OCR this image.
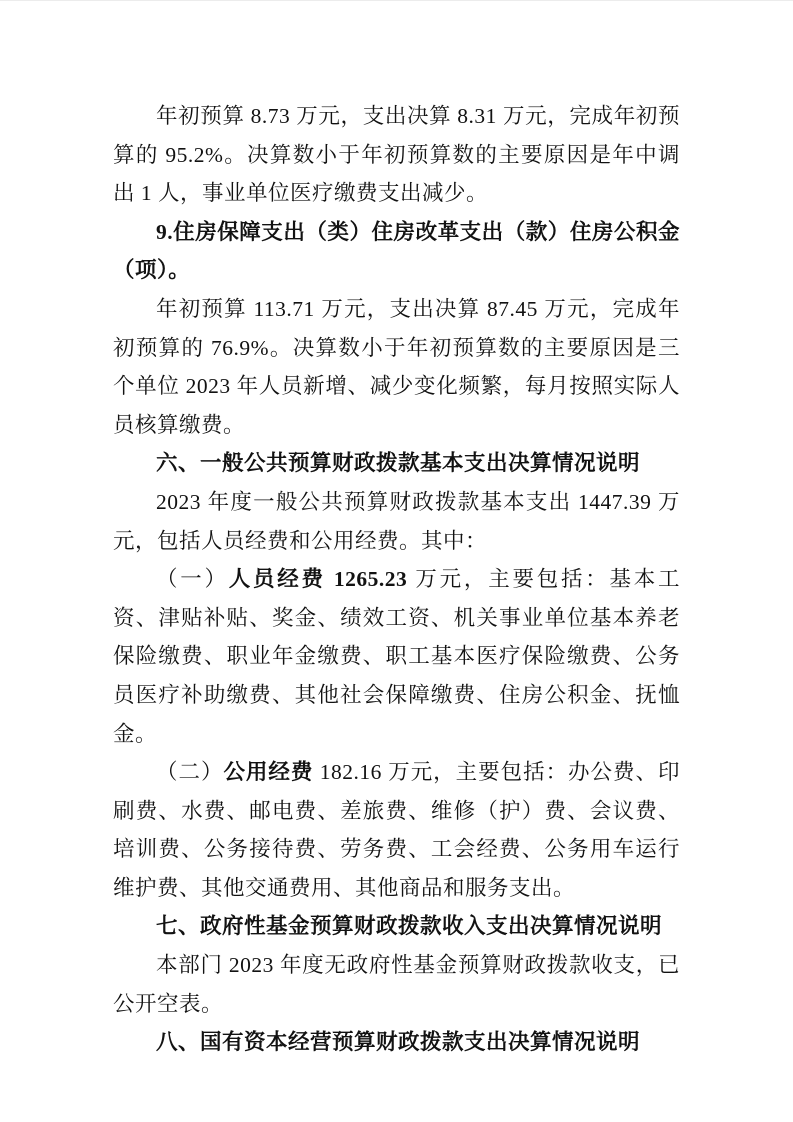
年初预算 8.73 万元，支出决算 8.31 万元，完成年初预算的 95.2%。决算数小于年初预算数的主要原因是年中调出 1 人，事业单位医疗缴费支出减少。

9.住房保障支出（类）住房改革支出（款）住房公积金（项）。

年初预算 113.71 万元，支出决算 87.45 万元，完成年初预算的 76.9%。决算数小于年初预算数的主要原因是三个单位 2023 年人员新增、减少变化频繁，每月按照实际人员核算缴费。

六、一般公共预算财政拨款基本支出决算情况说明

2023 年度一般公共预算财政拨款基本支出 1447.39 万元，包括人员经费和公用经费。其中：

（一）人员经费 1265.23 万元，主要包括：基本工资、津贴补贴、奖金、绩效工资、机关事业单位基本养老保险缴费、职业年金缴费、职工基本医疗保险缴费、公务员医疗补助缴费、其他社会保障缴费、住房公积金、抚恤金。

（二）公用经费 182.16 万元，主要包括：办公费、印刷费、水费、邮电费、差旅费、维修（护）费、会议费、培训费、公务接待费、劳务费、工会经费、公务用车运行维护费、其他交通费用、其他商品和服务支出。

七、政府性基金预算财政拨款收入支出决算情况说明

本部门 2023 年度无政府性基金预算财政拨款收支，已公开空表。

八、国有资本经营预算财政拨款支出决算情况说明
